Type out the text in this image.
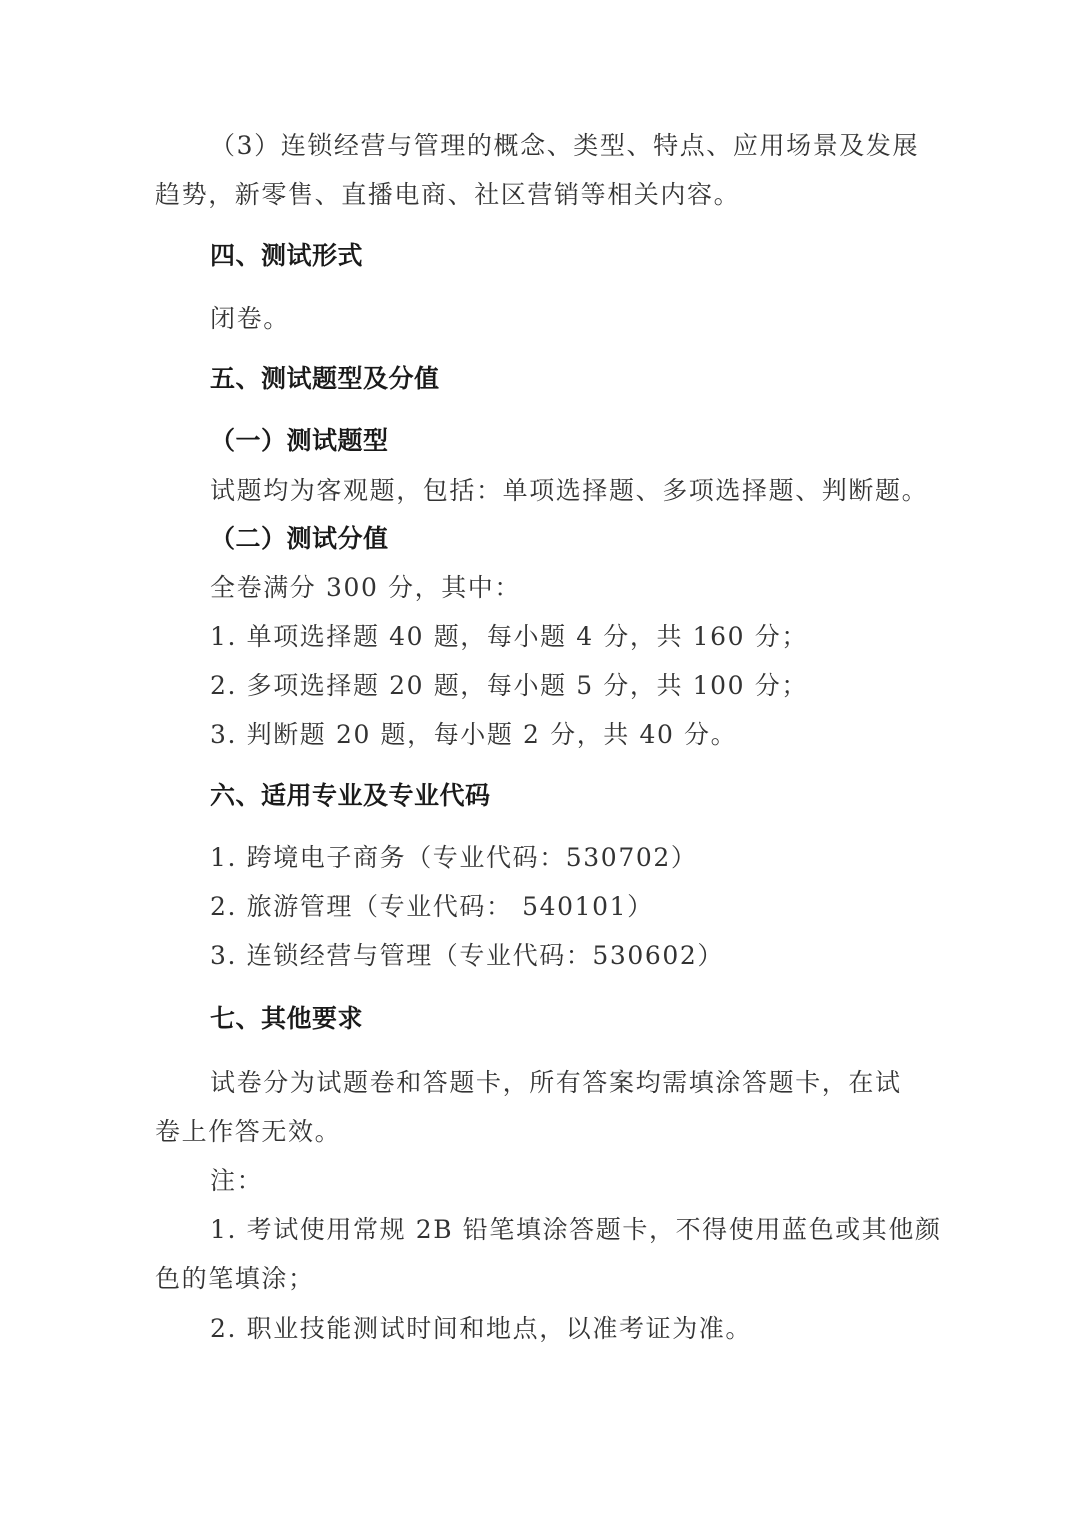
（3）连锁经营与管理的概念、类型、特点、应用场景及发展
趋势，新零售、直播电商、社区营销等相关内容。
四、测试形式
闭卷。
五、测试题型及分值
（一）测试题型
试题均为客观题，包括：单项选择题、多项选择题、判断题。
（二）测试分值
全卷满分 300 分，其中：
1. 单项选择题 40 题，每小题 4 分，共 160 分；
2. 多项选择题 20 题，每小题 5 分，共 100 分；
3. 判断题 20 题，每小题 2 分，共 40 分。
六、适用专业及专业代码
1. 跨境电子商务（专业代码：530702）
2. 旅游管理（专业代码： 540101）
3. 连锁经营与管理（专业代码：530602）
七、其他要求
试卷分为试题卷和答题卡，所有答案均需填涂答题卡，在试
卷上作答无效。
注：
1. 考试使用常规 2B 铅笔填涂答题卡，不得使用蓝色或其他颜
色的笔填涂；
2. 职业技能测试时间和地点，以准考证为准。
